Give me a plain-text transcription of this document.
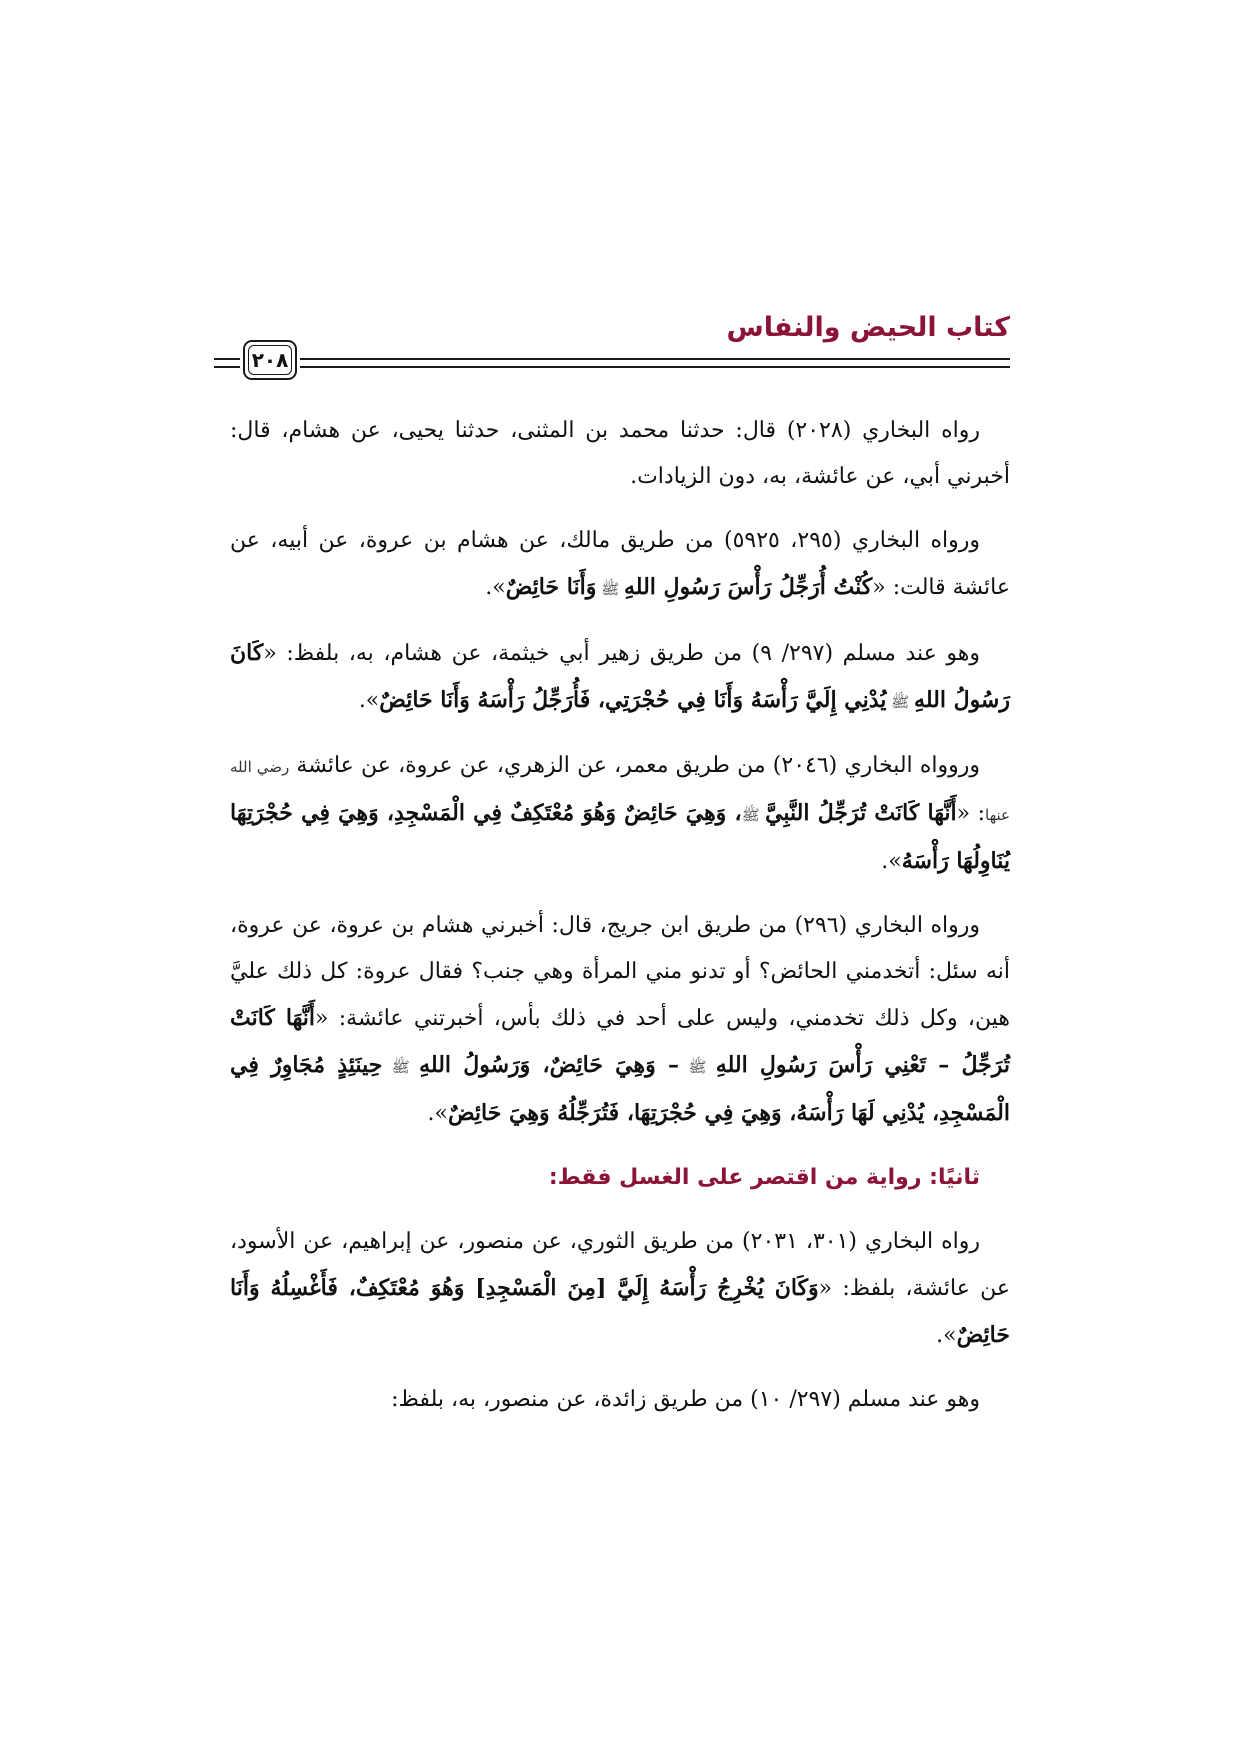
كتاب الحيض والنفاس
٢٠٨

رواه البخاري (٢٠٢٨) قال: حدثنا محمد بن المثنى، حدثنا يحيى، عن هشام، قال: أخبرني أبي، عن عائشة، به، دون الزيادات.

ورواه البخاري (٢٩٥، ٥٩٢٥) من طريق مالك، عن هشام بن عروة، عن أبيه، عن عائشة قالت: «كُنْتُ أُرَجِّلُ رَأْسَ رَسُولِ اللهِ ﷺ وَأَنَا حَائِضٌ».

وهو عند مسلم (٢٩٧/ ٩) من طريق زهير أبي خيثمة، عن هشام، به، بلفظ: «كَانَ رَسُولُ اللهِ ﷺ يُدْنِي إِلَيَّ رَأْسَهُ وَأَنَا فِي حُجْرَتِي، فَأُرَجِّلُ رَأْسَهُ وَأَنَا حَائِضٌ».

وروواه البخاري (٢٠٤٦) من طريق معمر، عن الزهري، عن عروة، عن عائشة رضي الله عنها: «أَنَّهَا كَانَتْ تُرَجِّلُ النَّبِيَّ ﷺ، وَهِيَ حَائِضٌ وَهُوَ مُعْتَكِفٌ فِي الْمَسْجِدِ، وَهِيَ فِي حُجْرَتِهَا يُنَاوِلُهَا رَأْسَهُ».

ورواه البخاري (٢٩٦) من طريق ابن جريج، قال: أخبرني هشام بن عروة، عن عروة، أنه سئل: أتخدمني الحائض؟ أو تدنو مني المرأة وهي جنب؟ فقال عروة: كل ذلك عليَّ هين، وكل ذلك تخدمني، وليس على أحد في ذلك بأس، أخبرتني عائشة: «أَنَّهَا كَانَتْ تُرَجِّلُ – تَعْنِي رَأْسَ رَسُولِ اللهِ ﷺ – وَهِيَ حَائِضٌ، وَرَسُولُ اللهِ ﷺ حِينَئِذٍ مُجَاوِرٌ فِي الْمَسْجِدِ، يُدْنِي لَهَا رَأْسَهُ، وَهِيَ فِي حُجْرَتِهَا، فَتُرَجِّلُهُ وَهِيَ حَائِضٌ».

ثانيًا: رواية من اقتصر على الغسل فقط:

رواه البخاري (٣٠١، ٢٠٣١) من طريق الثوري، عن منصور، عن إبراهيم، عن الأسود، عن عائشة، بلفظ: «وَكَانَ يُخْرِجُ رَأْسَهُ إِلَيَّ [مِنَ الْمَسْجِدِ] وَهُوَ مُعْتَكِفٌ، فَأَغْسِلُهُ وَأَنَا حَائِضٌ».

وهو عند مسلم (٢٩٧/ ١٠) من طريق زائدة، عن منصور، به، بلفظ:
